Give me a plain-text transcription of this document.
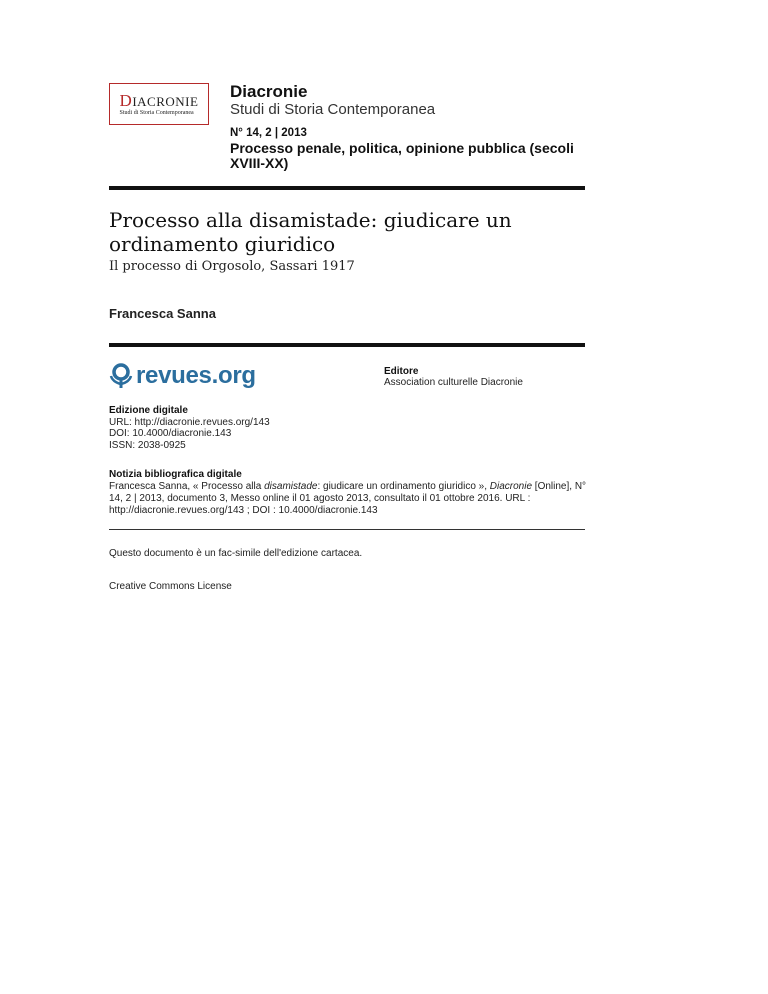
DIACRONIE
Studi di Storia Contemporanea
Diacronie
Studi di Storia Contemporanea
N° 14, 2 | 2013
Processo penale, politica, opinione pubblica (secoli XVIII-XX)
Processo alla disamistade: giudicare un ordinamento giuridico
Il processo di Orgosolo, Sassari 1917
Francesca Sanna
revues.org	Editore
Association culturelle Diacronie
Edizione digitale
URL: http://diacronie.revues.org/143
DOI: 10.4000/diacronie.143
ISSN: 2038-0925
Notizia bibliografica digitale
Francesca Sanna, « Processo alla disamistade: giudicare un ordinamento giuridico », Diacronie [Online], N° 14, 2 | 2013, documento 3, Messo online il 01 agosto 2013, consultato il 01 ottobre 2016. URL : http://diacronie.revues.org/143 ; DOI : 10.4000/diacronie.143
Questo documento è un fac-simile dell'edizione cartacea.
Creative Commons License
